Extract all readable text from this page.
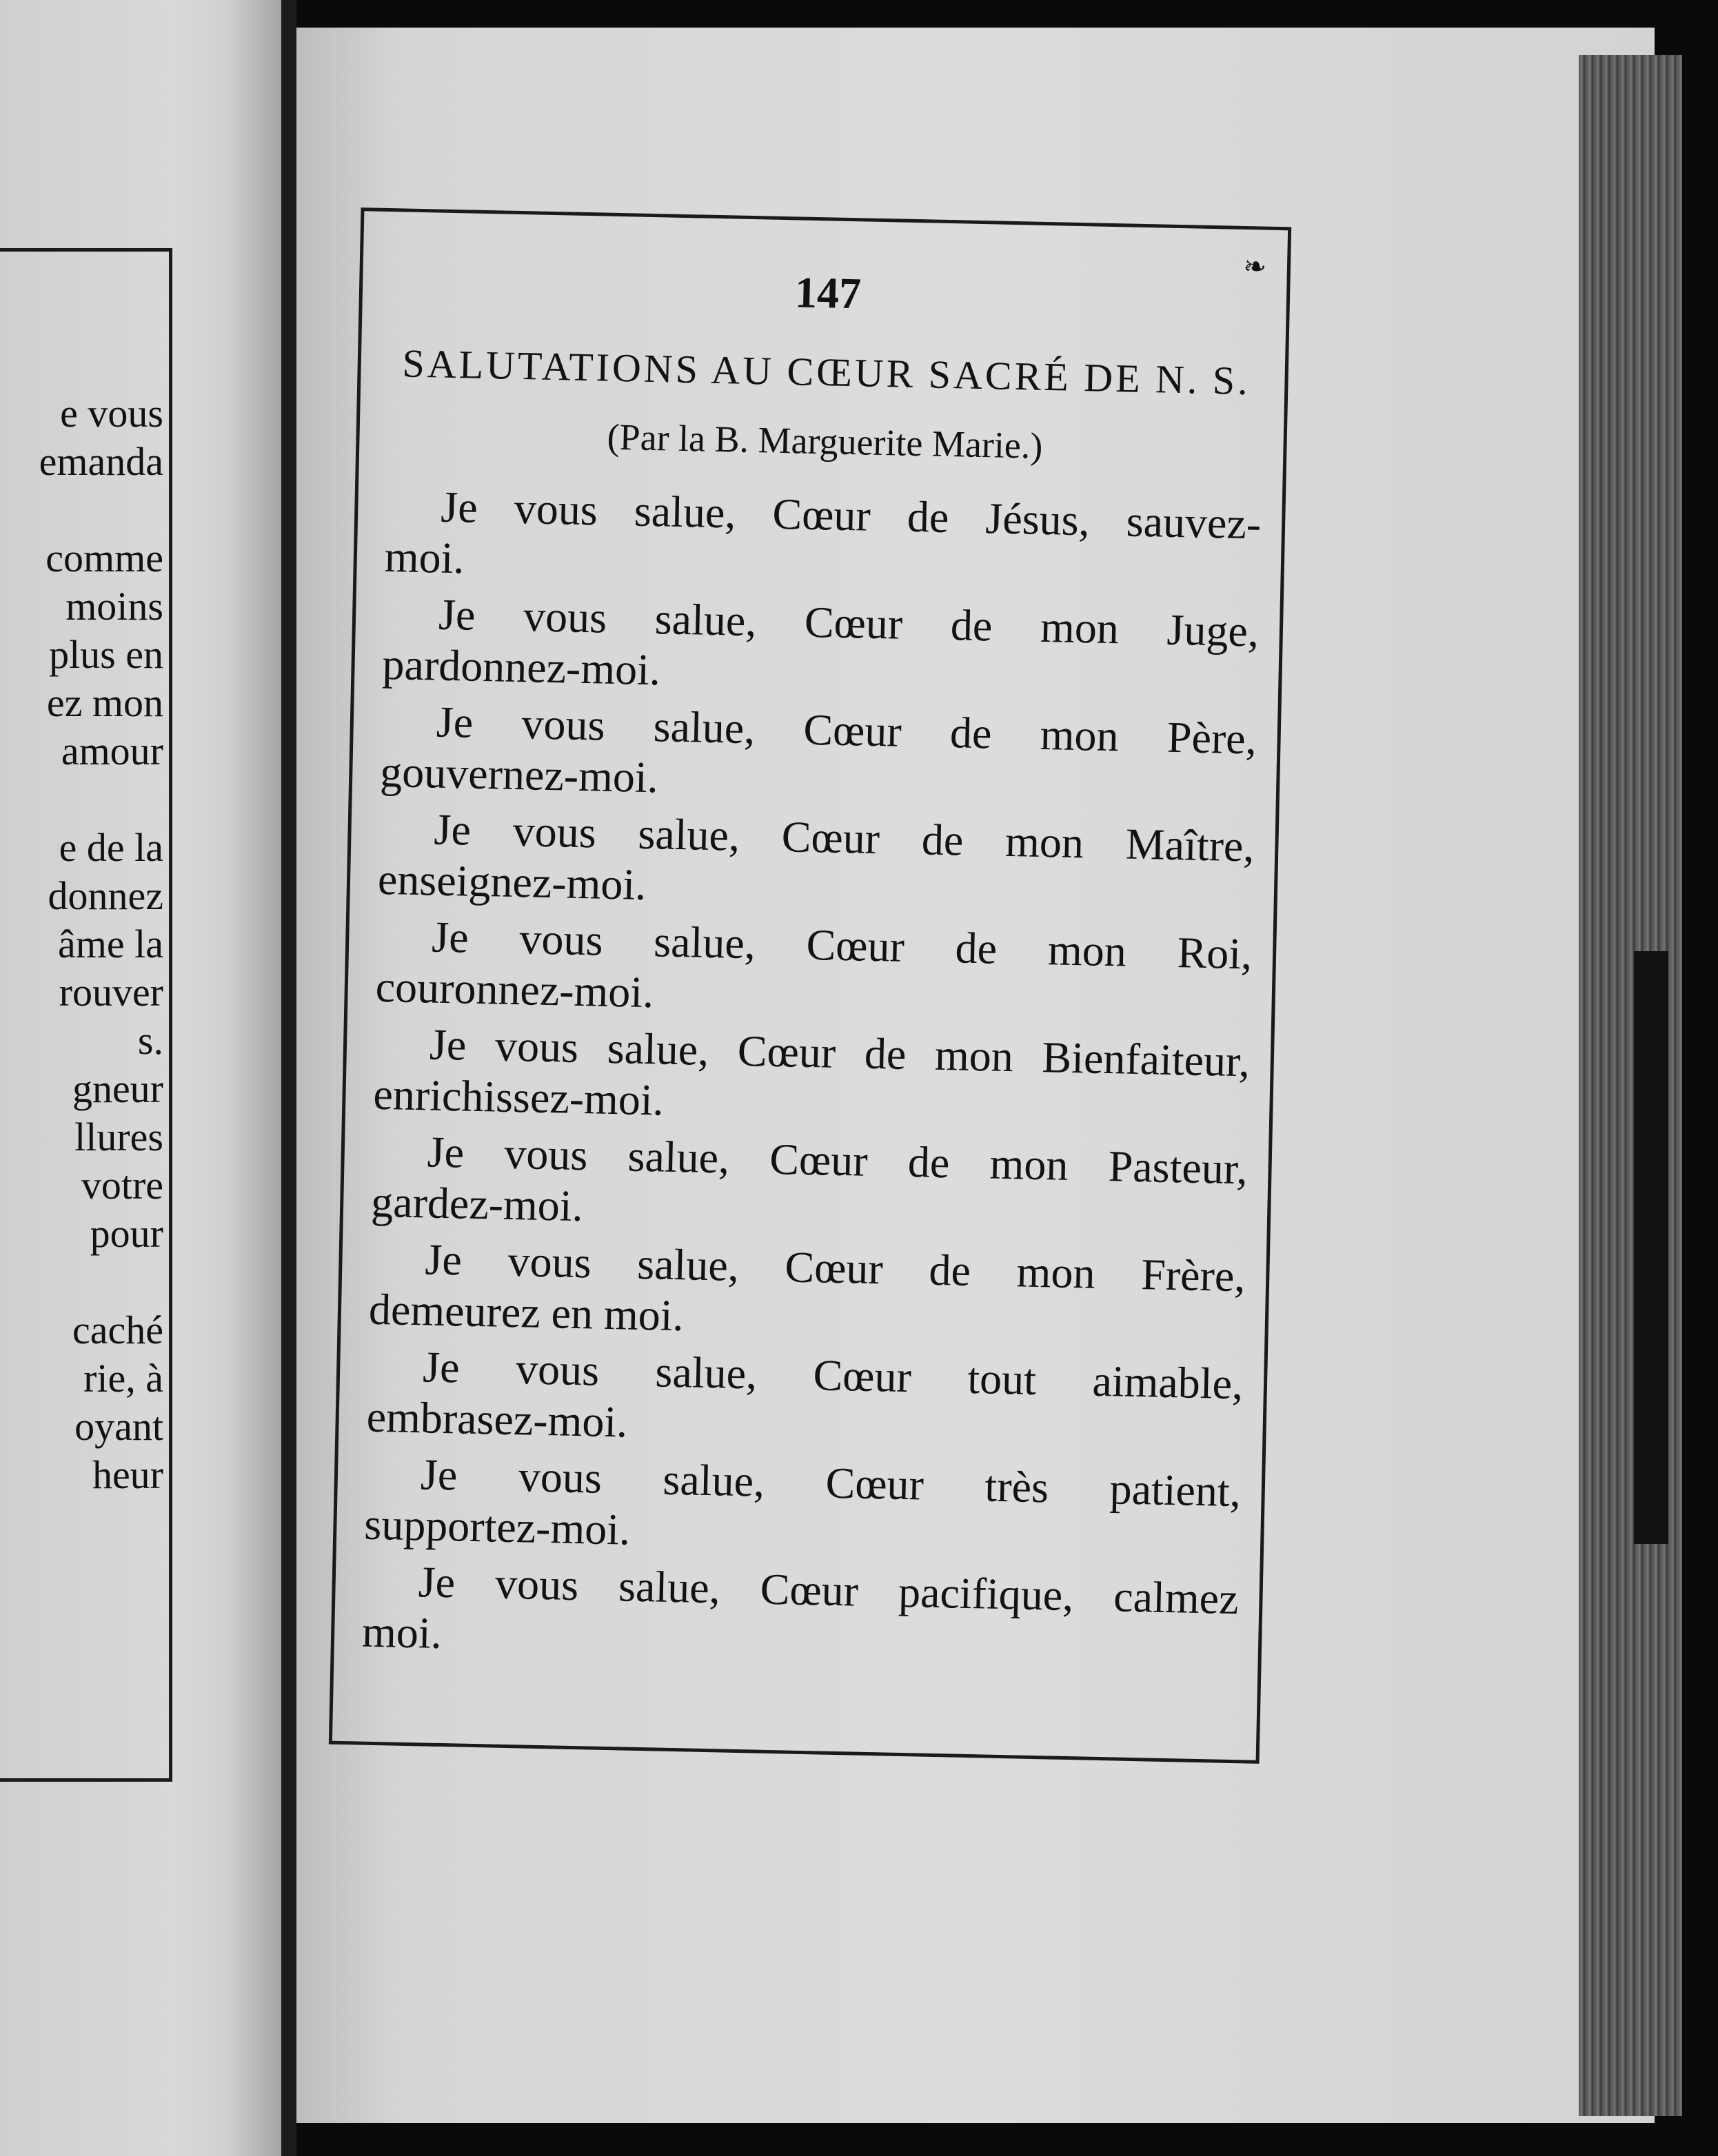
e vous
emanda
comme
moins
plus en
ez mon
amour
e de la
donnez
âme la
rouver
s.
gneur
llures
votre
pour
caché
rie, à
oyant
heur
❧
147
SALUTATIONS AU CŒUR SACRÉ DE N. S.
(Par la B. Marguerite Marie.)
Je vous salue, Cœur de Jésus, sauvez-
moi.
Je vous salue, Cœur de mon Juge,
pardonnez-moi.
Je vous salue, Cœur de mon Père,
gouvernez-moi.
Je vous salue, Cœur de mon Maître,
enseignez-moi.
Je vous salue, Cœur de mon Roi,
couronnez-moi.
Je vous salue, Cœur de mon Bienfaiteur,
enrichissez-moi.
Je vous salue, Cœur de mon Pasteur,
gardez-moi.
Je vous salue, Cœur de mon Frère,
demeurez en moi.
Je vous salue, Cœur tout aimable,
embrasez-moi.
Je vous salue, Cœur très patient,
supportez-moi.
Je vous salue, Cœur pacifique, calmez
moi.
